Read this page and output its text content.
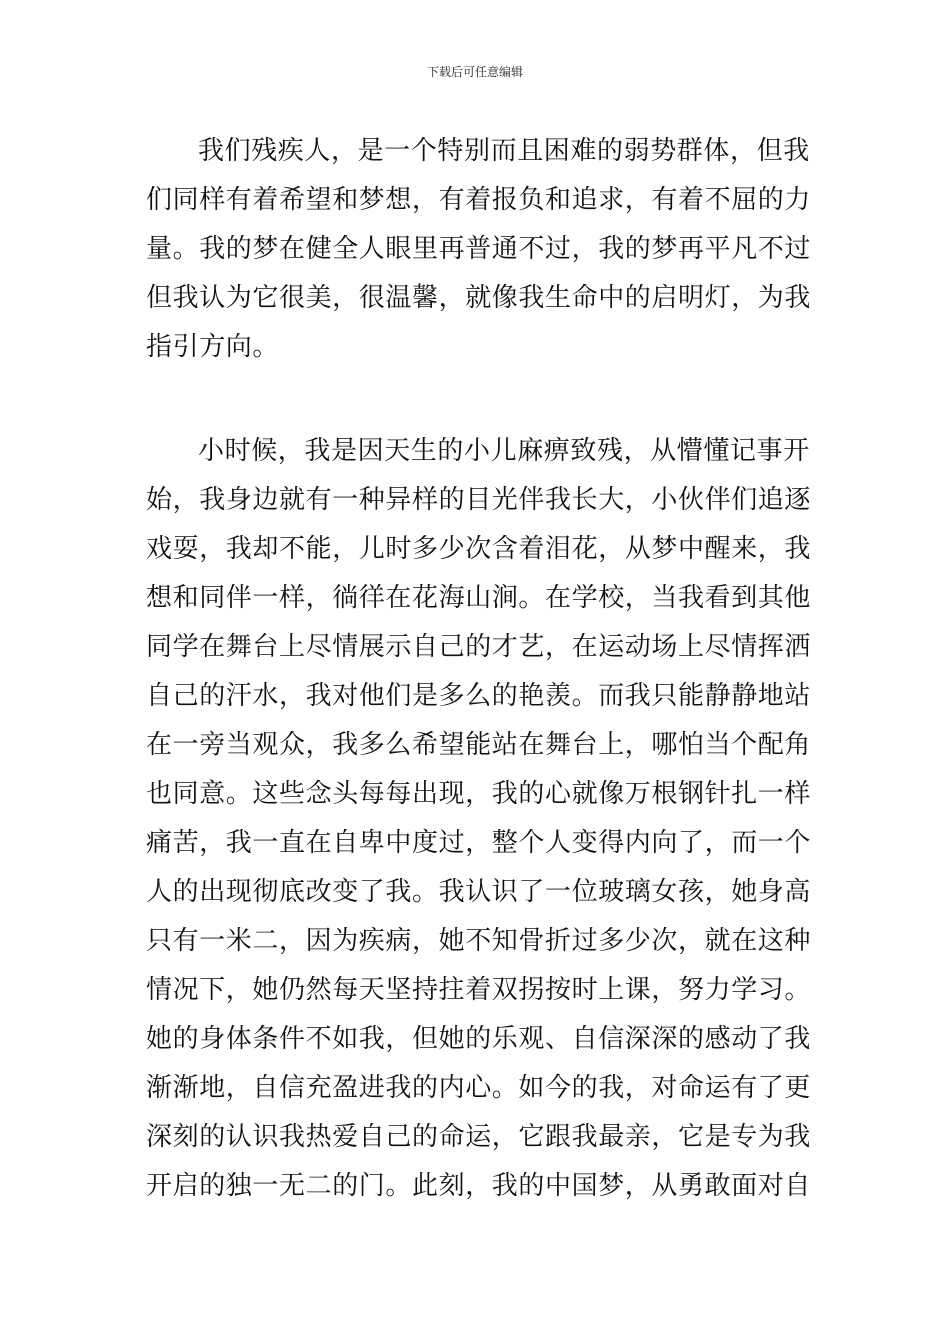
下载后可任意编辑
我们残疾人，是一个特别而且困难的弱势群体，但我
们同样有着希望和梦想，有着报负和追求，有着不屈的力
量。我的梦在健全人眼里再普通不过，我的梦再平凡不过
但我认为它很美，很温馨，就像我生命中的启明灯，为我
指引方向。
小时候，我是因天生的小儿麻痹致残，从懵懂记事开
始，我身边就有一种异样的目光伴我长大，小伙伴们追逐
戏耍，我却不能，儿时多少次含着泪花，从梦中醒来，我
想和同伴一样，徜徉在花海山涧。在学校，当我看到其他
同学在舞台上尽情展示自己的才艺，在运动场上尽情挥洒
自己的汗水，我对他们是多么的艳羡。而我只能静静地站
在一旁当观众，我多么希望能站在舞台上，哪怕当个配角
也同意。这些念头每每出现，我的心就像万根钢针扎一样
痛苦，我一直在自卑中度过，整个人变得内向了，而一个
人的出现彻底改变了我。我认识了一位玻璃女孩，她身高
只有一米二，因为疾病，她不知骨折过多少次，就在这种
情况下，她仍然每天坚持拄着双拐按时上课，努力学习。
她的身体条件不如我，但她的乐观、自信深深的感动了我
渐渐地，自信充盈进我的内心。如今的我，对命运有了更
深刻的认识我热爱自己的命运，它跟我最亲，它是专为我
开启的独一无二的门。此刻，我的中国梦，从勇敢面对自
